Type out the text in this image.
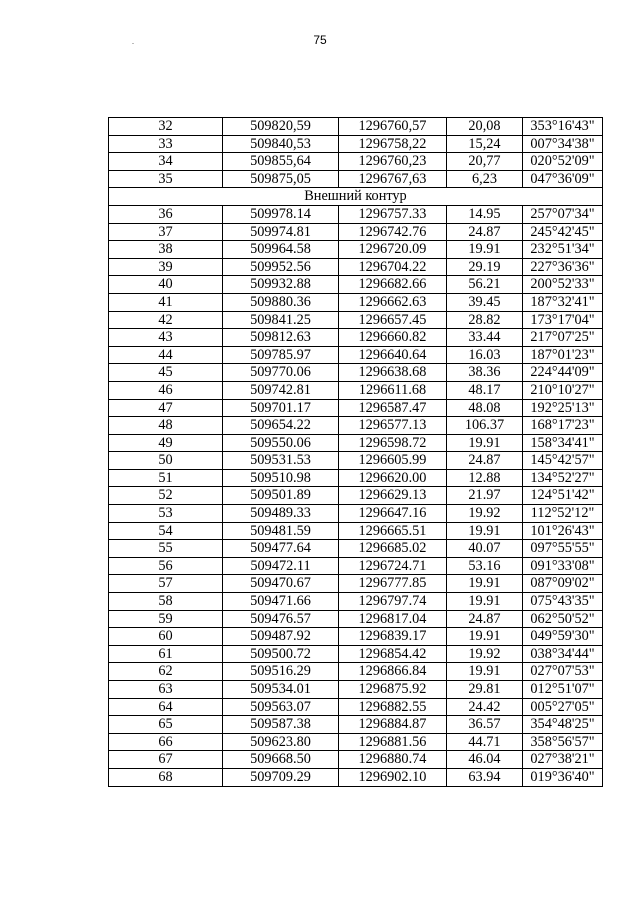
75
32	509820,59	1296760,57	20,08	353°16'43"
33	509840,53	1296758,22	15,24	007°34'38"
34	509855,64	1296760,23	20,77	020°52'09"
35	509875,05	1296767,63	6,23	047°36'09"
Внешний контур				
36	509978.14	1296757.33	14.95	257°07'34"
37	509974.81	1296742.76	24.87	245°42'45"
38	509964.58	1296720.09	19.91	232°51'34"
39	509952.56	1296704.22	29.19	227°36'36"
40	509932.88	1296682.66	56.21	200°52'33"
41	509880.36	1296662.63	39.45	187°32'41"
42	509841.25	1296657.45	28.82	173°17'04"
43	509812.63	1296660.82	33.44	217°07'25"
44	509785.97	1296640.64	16.03	187°01'23"
45	509770.06	1296638.68	38.36	224°44'09"
46	509742.81	1296611.68	48.17	210°10'27"
47	509701.17	1296587.47	48.08	192°25'13"
48	509654.22	1296577.13	106.37	168°17'23"
49	509550.06	1296598.72	19.91	158°34'41"
50	509531.53	1296605.99	24.87	145°42'57"
51	509510.98	1296620.00	12.88	134°52'27"
52	509501.89	1296629.13	21.97	124°51'42"
53	509489.33	1296647.16	19.92	112°52'12"
54	509481.59	1296665.51	19.91	101°26'43"
55	509477.64	1296685.02	40.07	097°55'55"
56	509472.11	1296724.71	53.16	091°33'08"
57	509470.67	1296777.85	19.91	087°09'02"
58	509471.66	1296797.74	19.91	075°43'35"
59	509476.57	1296817.04	24.87	062°50'52"
60	509487.92	1296839.17	19.91	049°59'30"
61	509500.72	1296854.42	19.92	038°34'44"
62	509516.29	1296866.84	19.91	027°07'53"
63	509534.01	1296875.92	29.81	012°51'07"
64	509563.07	1296882.55	24.42	005°27'05"
65	509587.38	1296884.87	36.57	354°48'25"
66	509623.80	1296881.56	44.71	358°56'57"
67	509668.50	1296880.74	46.04	027°38'21"
68	509709.29	1296902.10	63.94	019°36'40"
